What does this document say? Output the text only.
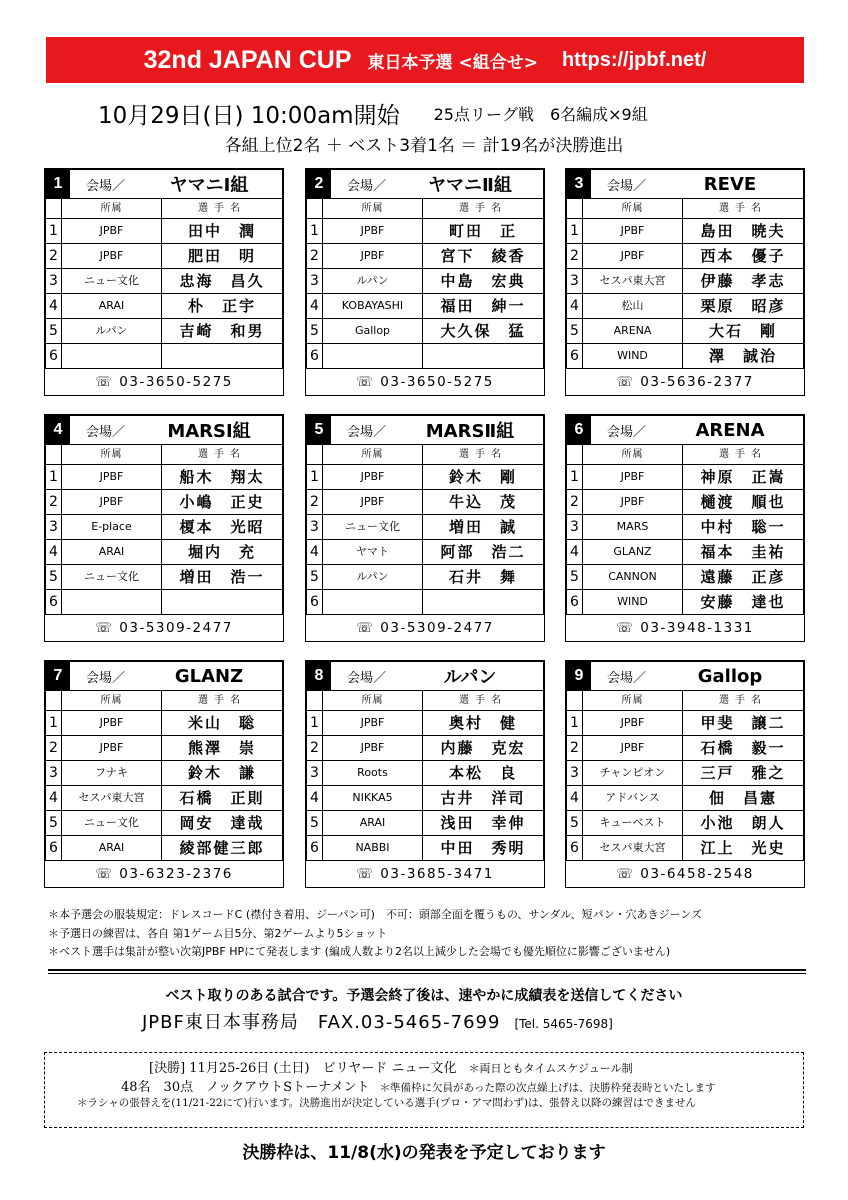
32nd JAPAN CUP 東日本予選 <組合せ> https://jpbf.net/
10月29日(日) 10:00am開始 25点リーグ戦　6名編成×9組
各組上位2名 ＋ ベスト3着1名 ＝ 計19名が決勝進出
1	会場／	ヤマニⅠ組
所属	選手名
1	JPBF	田中　潤
2	JPBF	肥田　明
3	ニュー文化	忠海　昌久
4	ARAI	朴　正宇
5	ルパン	吉崎　和男
6
☏ 03-3650-5275
2	会場／	ヤマニⅡ組
所属	選手名
1	JPBF	町田　正
2	JPBF	宮下　綾香
3	ルパン	中島　宏典
4	KOBAYASHI	福田　紳一
5	Gallop	大久保　猛
6
☏ 03-3650-5275
3	会場／	REVE
所属	選手名
1	JPBF	島田　暁夫
2	JPBF	西本　優子
3	セスパ東大宮	伊藤　孝志
4	松山	栗原　昭彦
5	ARENA	大石　剛
6	WIND	澤　誠治
☏ 03-5636-2377
4	会場／	MARSⅠ組
所属	選手名
1	JPBF	船木　翔太
2	JPBF	小嶋　正史
3	E-place	榎本　光昭
4	ARAI	堀内　充
5	ニュー文化	増田　浩一
6
☏ 03-5309-2477
5	会場／	MARSⅡ組
所属	選手名
1	JPBF	鈴木　剛
2	JPBF	牛込　茂
3	ニュー文化	増田　誠
4	ヤマト	阿部　浩二
5	ルパン	石井　舞
6
☏ 03-5309-2477
6	会場／	ARENA
所属	選手名
1	JPBF	神原　正嵩
2	JPBF	樋渡　順也
3	MARS	中村　聡一
4	GLANZ	福本　圭祐
5	CANNON	遠藤　正彦
6	WIND	安藤　達也
☏ 03-3948-1331
7	会場／	GLANZ
所属	選手名
1	JPBF	米山　聡
2	JPBF	熊澤　崇
3	フナキ	鈴木　謙
4	セスパ東大宮	石橋　正則
5	ニュー文化	岡安　達哉
6	ARAI	綾部健三郎
☏ 03-6323-2376
8	会場／	ルパン
所属	選手名
1	JPBF	奥村　健
2	JPBF	内藤　克宏
3	Roots	本松　良
4	NIKKA5	古井　洋司
5	ARAI	浅田　幸伸
6	NABBI	中田　秀明
☏ 03-3685-3471
9	会場／	Gallop
所属	選手名
1	JPBF	甲斐　譲二
2	JPBF	石橋　毅一
3	チャンピオン	三戸　雅之
4	アドバンス	佃　昌憲
5	キューベスト	小池　朗人
6	セスパ東大宮	江上　光史
☏ 03-6458-2548
＊本予選会の服装規定：ドレスコードC (襟付き着用、ジーパン可)　不可：頭部全面を覆うもの、サンダル、短パン・穴あきジーンズ
＊予選日の練習は、各自 第1ゲーム目5分、第2ゲームより5ショット
＊ベスト選手は集計が整い次第JPBF HPにて発表します (編成人数より2名以上減少した会場でも優先順位に影響ございません)
ベスト取りのある試合です。予選会終了後は、速やかに成績表を送信してください
JPBF東日本事務局　FAX.03-5465-7699 [Tel. 5465-7698]
[決勝] 11月25-26日 (土日)　ビリヤード ニュー文化 ＊両日ともタイムスケジュール制
48名　30点　ノックアウトSトーナメント ＊準備枠に欠員があった際の次点繰上げは、決勝枠発表時といたします
＊ラシャの張替えを(11/21-22にて)行います。決勝進出が決定している選手(プロ・アマ問わず)は、張替え以降の練習はできません
決勝枠は、11/8(水)の発表を予定しております
